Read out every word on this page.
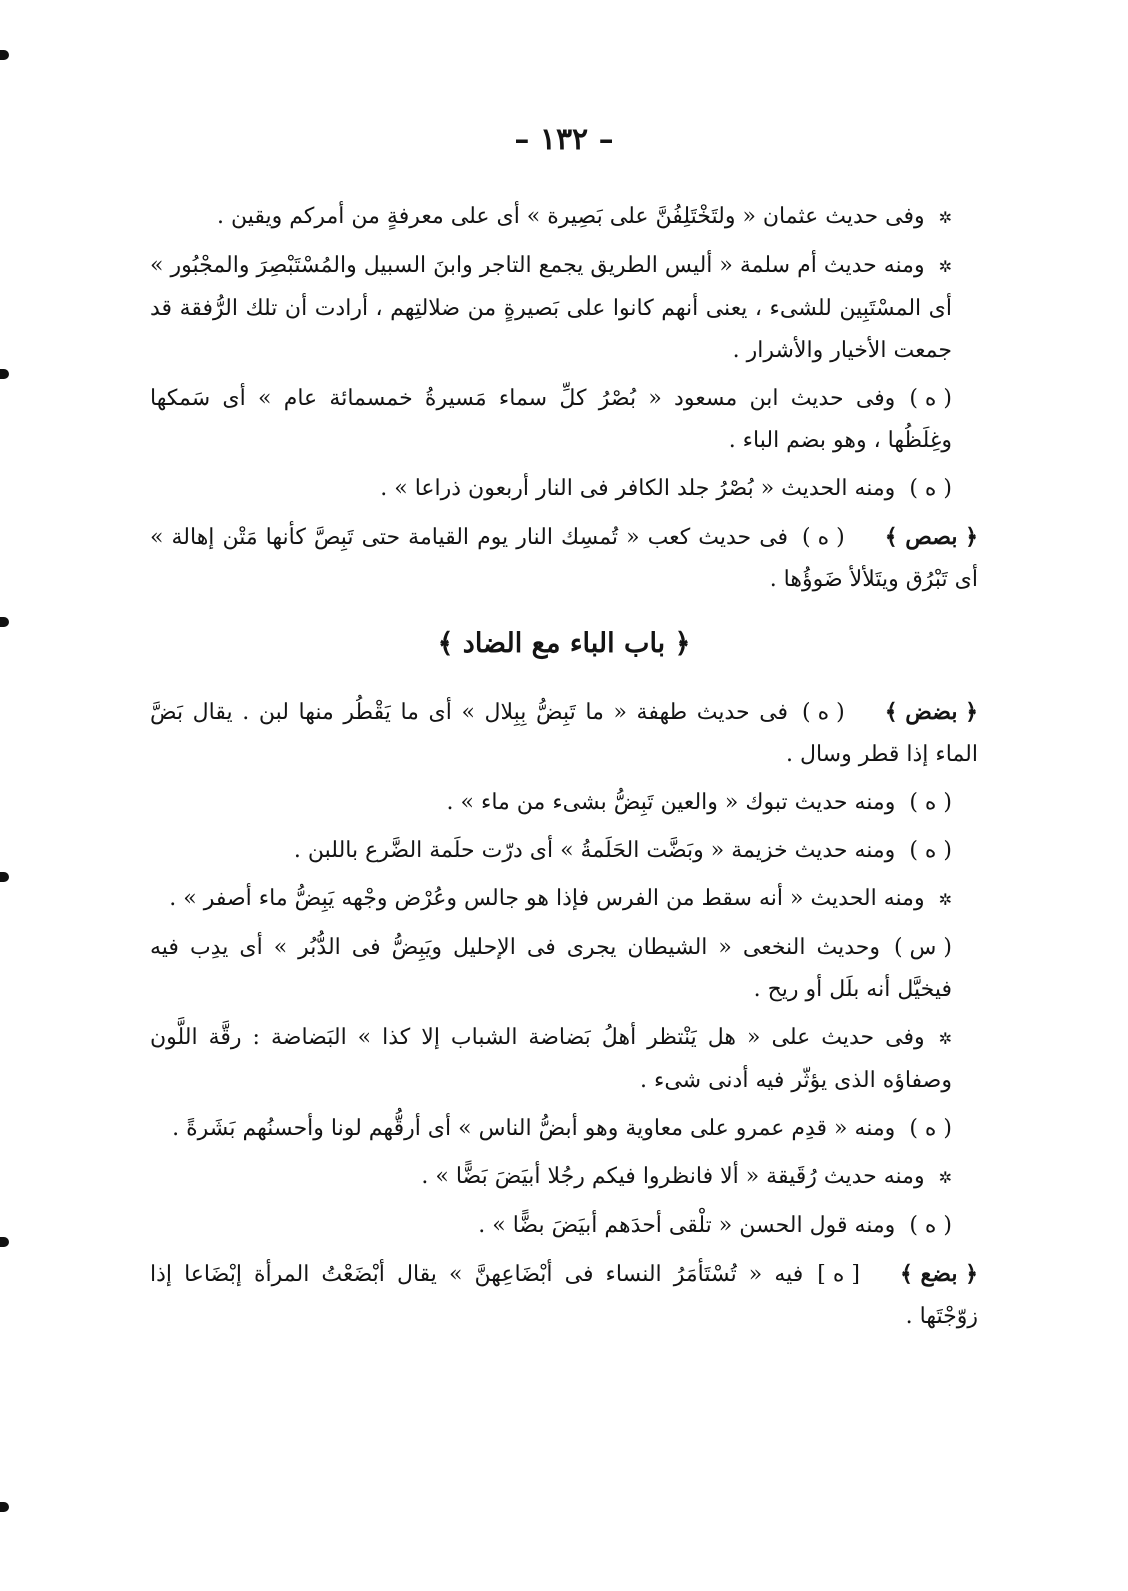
– ١٣٢ –

✲وفى حديث عثمان « ولتَخْتَلِفُنَّ على بَصِيرة » أى على معرفةٍ من أمركم ويقين .

✲ومنه حديث أم سلمة « أليس الطريق يجمع التاجر وابنَ السبيل والمُسْتَبْصِرَ والمجْبُور » أى المسْتَبِين للشىء ، يعنى أنهم كانوا على بَصيرةٍ من ضلالتِهم ، أرادت أن تلك الرُّفقة قد جمعت الأخيار والأشرار .

( ه )وفى حديث ابن مسعود « بُصْرُ كلِّ سماء مَسيرةُ خمسمائة عام » أى سَمكها وغِلَظُها ، وهو بضم الباء .

( ه )ومنه الحديث « بُصْرُ جلد الكافر فى النار أربعون ذراعا » .

﴿ بصص ﴾( ه )فى حديث كعب « تُمسِك النار يوم القيامة حتى تَبِصَّ كأنها مَتْن إهالة » أى تَبْرُق ويتَلألأ ضَوؤُها .

﴿ باب الباء مع الضاد ﴾

﴿ بضض ﴾( ه )فى حديث طهفة « ما تَبِضُّ بِبِلال » أى ما يَقْطُر منها لبن . يقال بَضَّ الماء إذا قطر وسال .

( ه )ومنه حديث تبوك « والعين تَبِضُّ بشىء من ماء » .

( ه )ومنه حديث خزيمة « وبَضَّت الحَلَمةُ » أى درّت حلَمة الضَّرع باللبن .

✲ومنه الحديث « أنه سقط من الفرس فإذا هو جالس وعُرْض وجْهه يَبِضُّ ماء أصفر » .

( س )وحديث النخعى « الشيطان يجرى فى الإحليل ويَبِضُّ فى الدُّبُر » أى يدِب فيه فيخيَّل أنه بلَل أو ريح .

✲وفى حديث على « هل يَنْتظر أهلُ بَضاضة الشباب إلا كذا » البَضاضة : رقَّة اللَّون وصفاؤه الذى يؤثّر فيه أدنى شىء .

( ه )ومنه « قدِم عمرو على معاوية وهو أبضُّ الناس » أى أرقُّهم لونا وأحسنُهم بَشَرةً .

✲ومنه حديث رُقَيقة « ألا فانظروا فيكم رجُلا أبيَضَ بَضًّا » .

( ه )ومنه قول الحسن « تلْقى أحدَهم أبيَضَ بضًّا » .

﴿ بضع ﴾[ ه ]فيه « تُسْتَأمَرُ النساء فى أبْضَاعِهنَّ » يقال أبْضَعْتُ المرأة إبْضَاعا إذا زوّجْتَها .
